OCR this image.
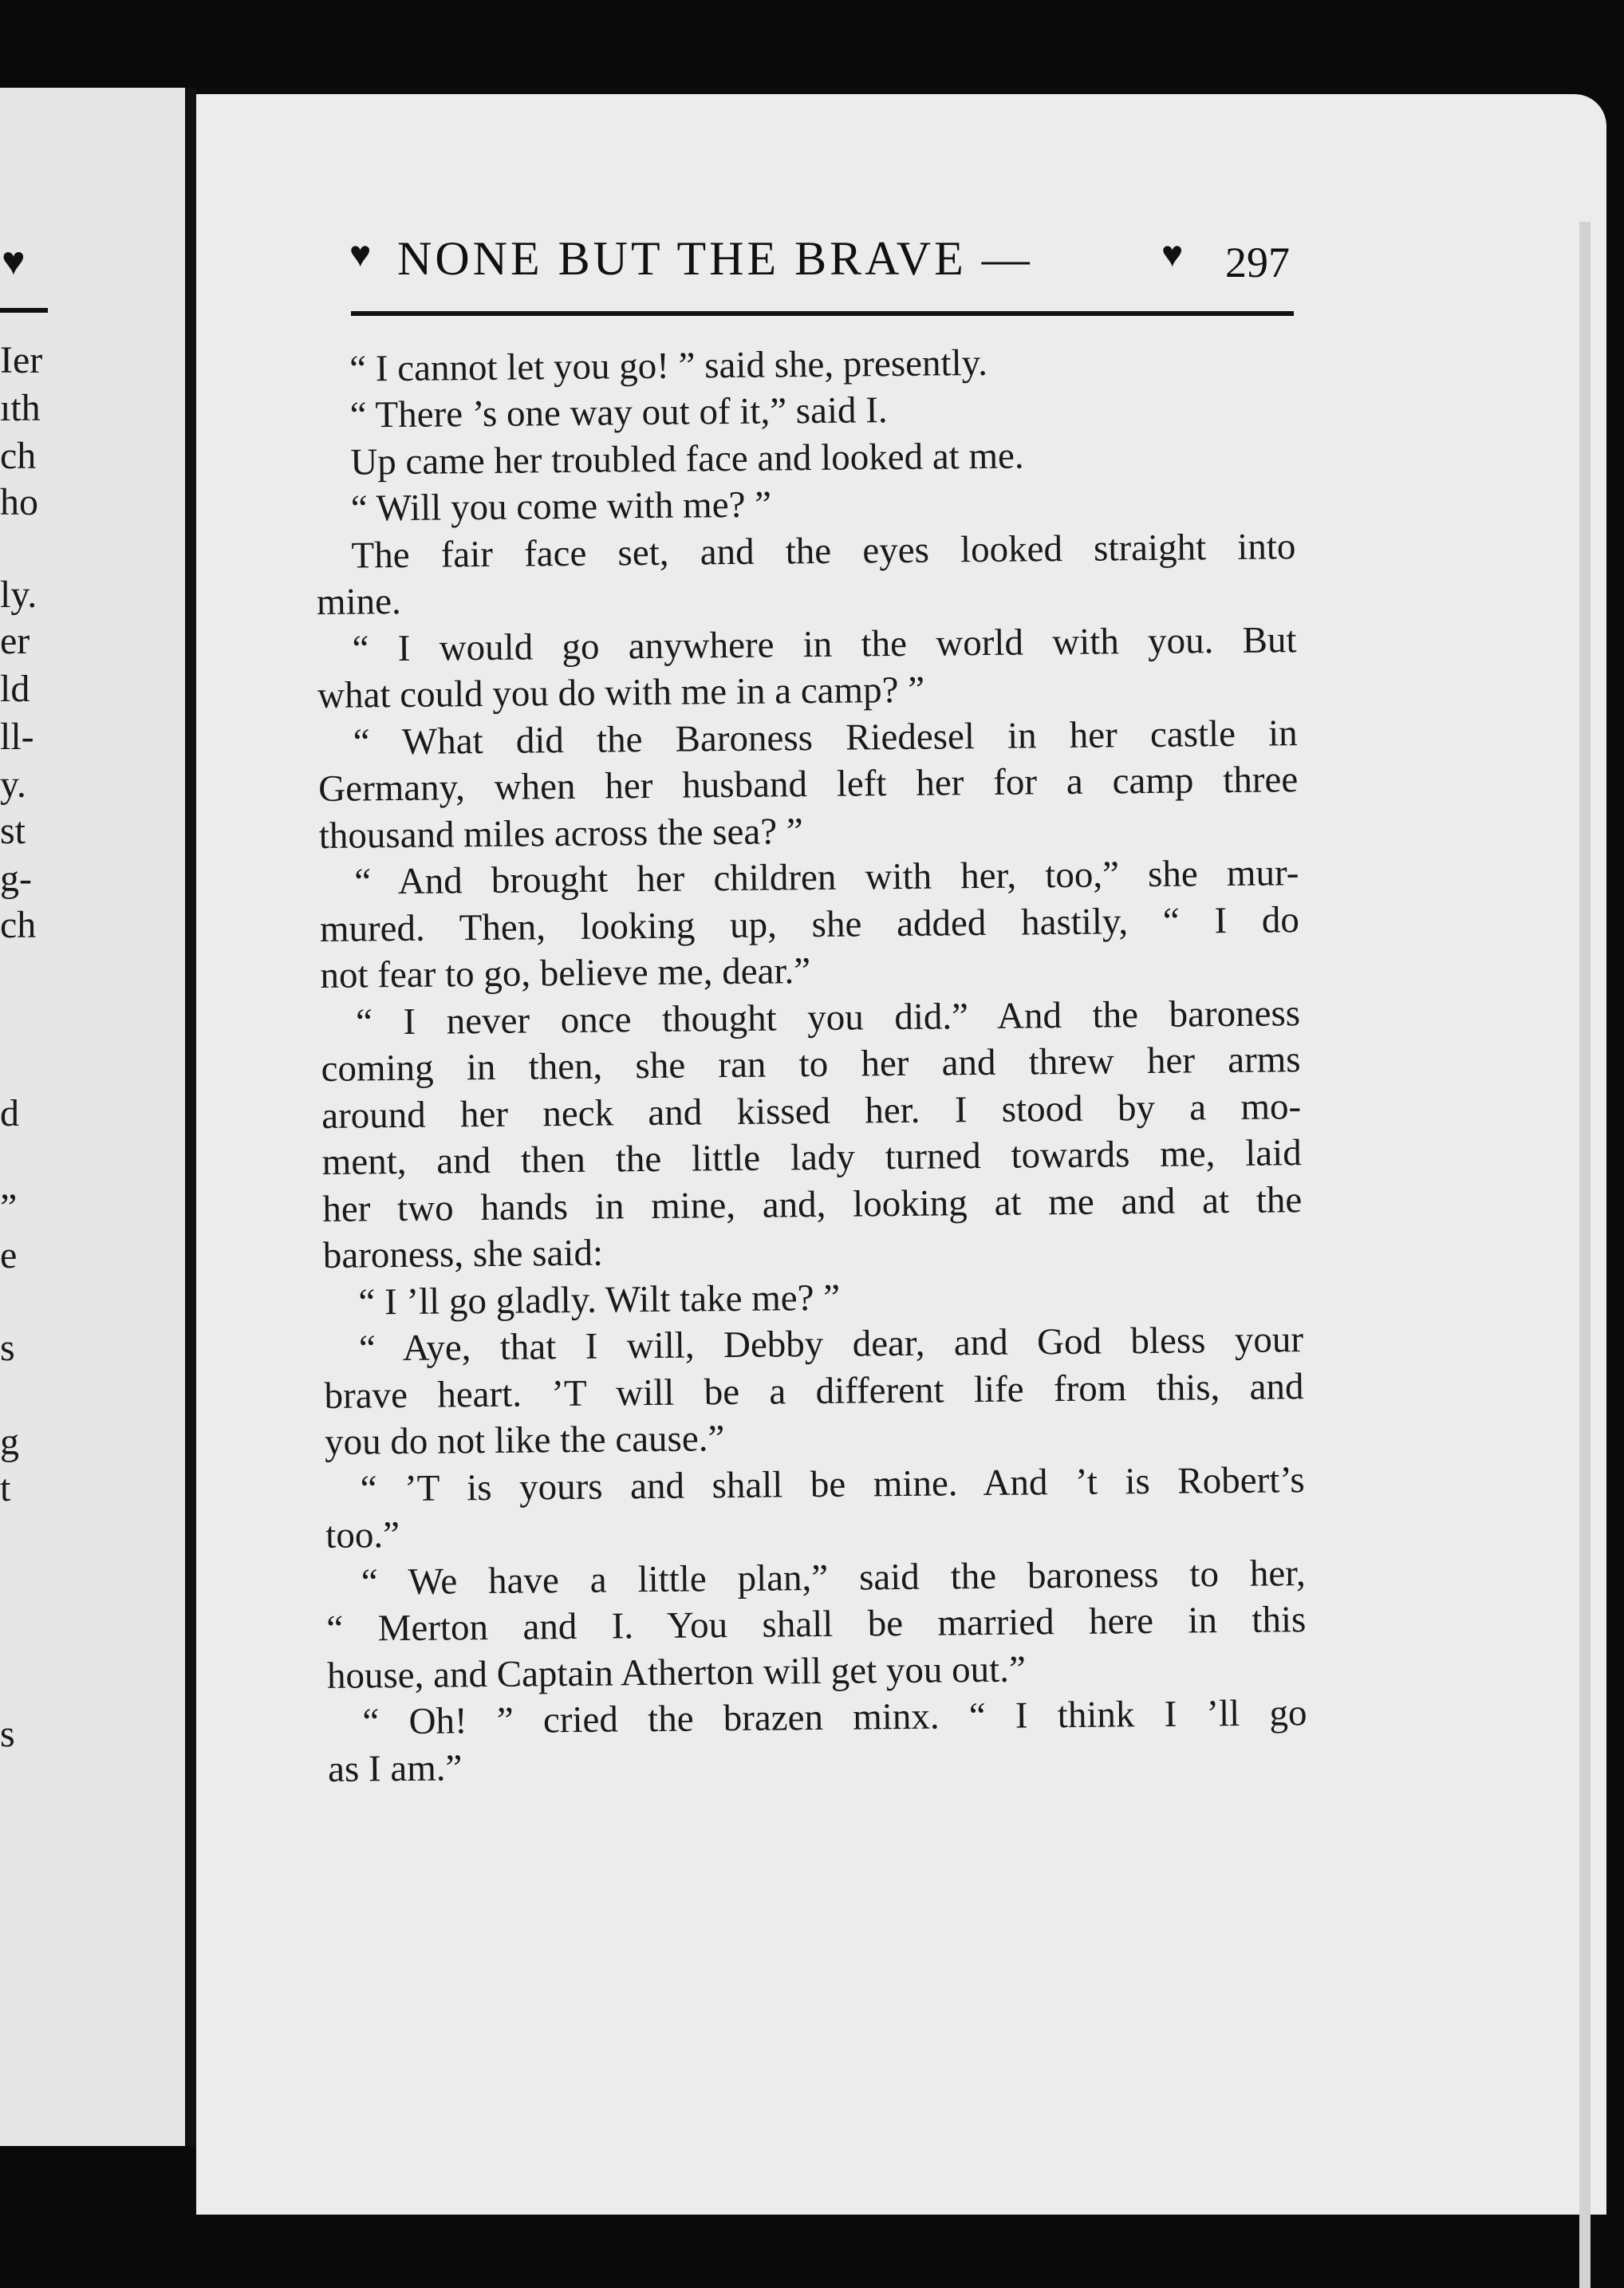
♥
Ier
ıth
ch
ho
ly.
er
ld
ll-
y.
st
g-
ch
d
”
e
s
g
t
s
♥ NONE BUT THE BRAVE —	♥ 297
“ I cannot let you go! ” said she, presently.
“ There ’s one way out of it,” said I.
Up came her troubled face and looked at me.
“ Will you come with me? ”
The fair face set, and the eyes looked straight into
mine.
“ I would go anywhere in the world with you. But
what could you do with me in a camp? ”
“ What did the Baroness Riedesel in her castle in
Germany, when her husband left her for a camp three
thousand miles across the sea? ”
“ And brought her children with her, too,” she mur-
mured. Then, looking up, she added hastily, “ I do
not fear to go, believe me, dear.”
“ I never once thought you did.” And the baroness
coming in then, she ran to her and threw her arms
around her neck and kissed her. I stood by a mo-
ment, and then the little lady turned towards me, laid
her two hands in mine, and, looking at me and at the
baroness, she said:
“ I ’ll go gladly. Wilt take me? ”
“ Aye, that I will, Debby dear, and God bless your
brave heart. ’T will be a different life from this, and
you do not like the cause.”
“ ’T is yours and shall be mine. And ’t is Robert’s
too.”
“ We have a little plan,” said the baroness to her,
“ Merton and I. You shall be married here in this
house, and Captain Atherton will get you out.”
“ Oh! ” cried the brazen minx. “ I think I ’ll go
as I am.”
